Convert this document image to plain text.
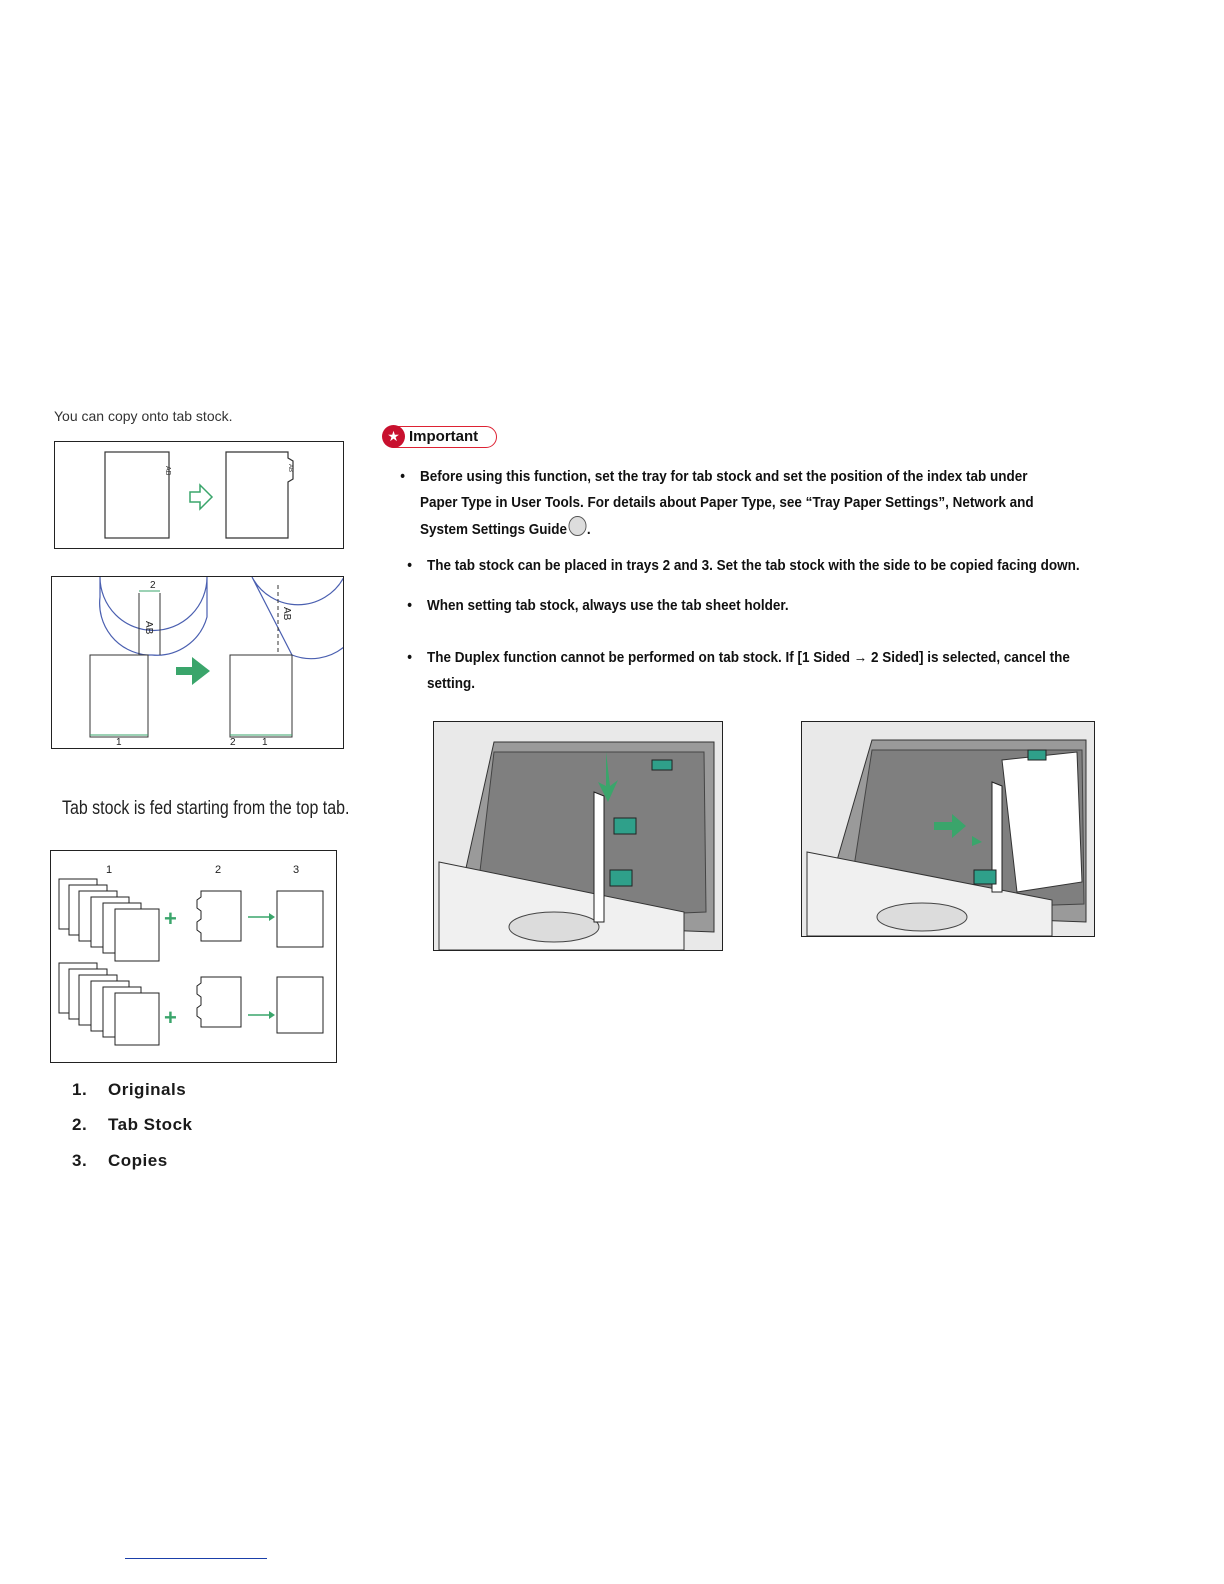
You can copy onto tab stock.
AB	AB
2
AB
1
AB
2	1
Tab stock is fed starting from the top tab.
1	2	3
+
+
1. Originals
2. Tab Stock
3. Copies
★ Important
• Before using this function, set the tray for tab stock and set the position of the index tab under Paper Type in User Tools. For details about Paper Type, see “Tray Paper Settings”, Network and System Settings Guide .
• The tab stock can be placed in trays 2 and 3. Set the tab stock with the side to be copied facing down.
• When setting tab stock, always use the tab sheet holder.
• The Duplex function cannot be performed on tab stock. If [1 Sided → 2 Sided] is selected, cancel the setting.
